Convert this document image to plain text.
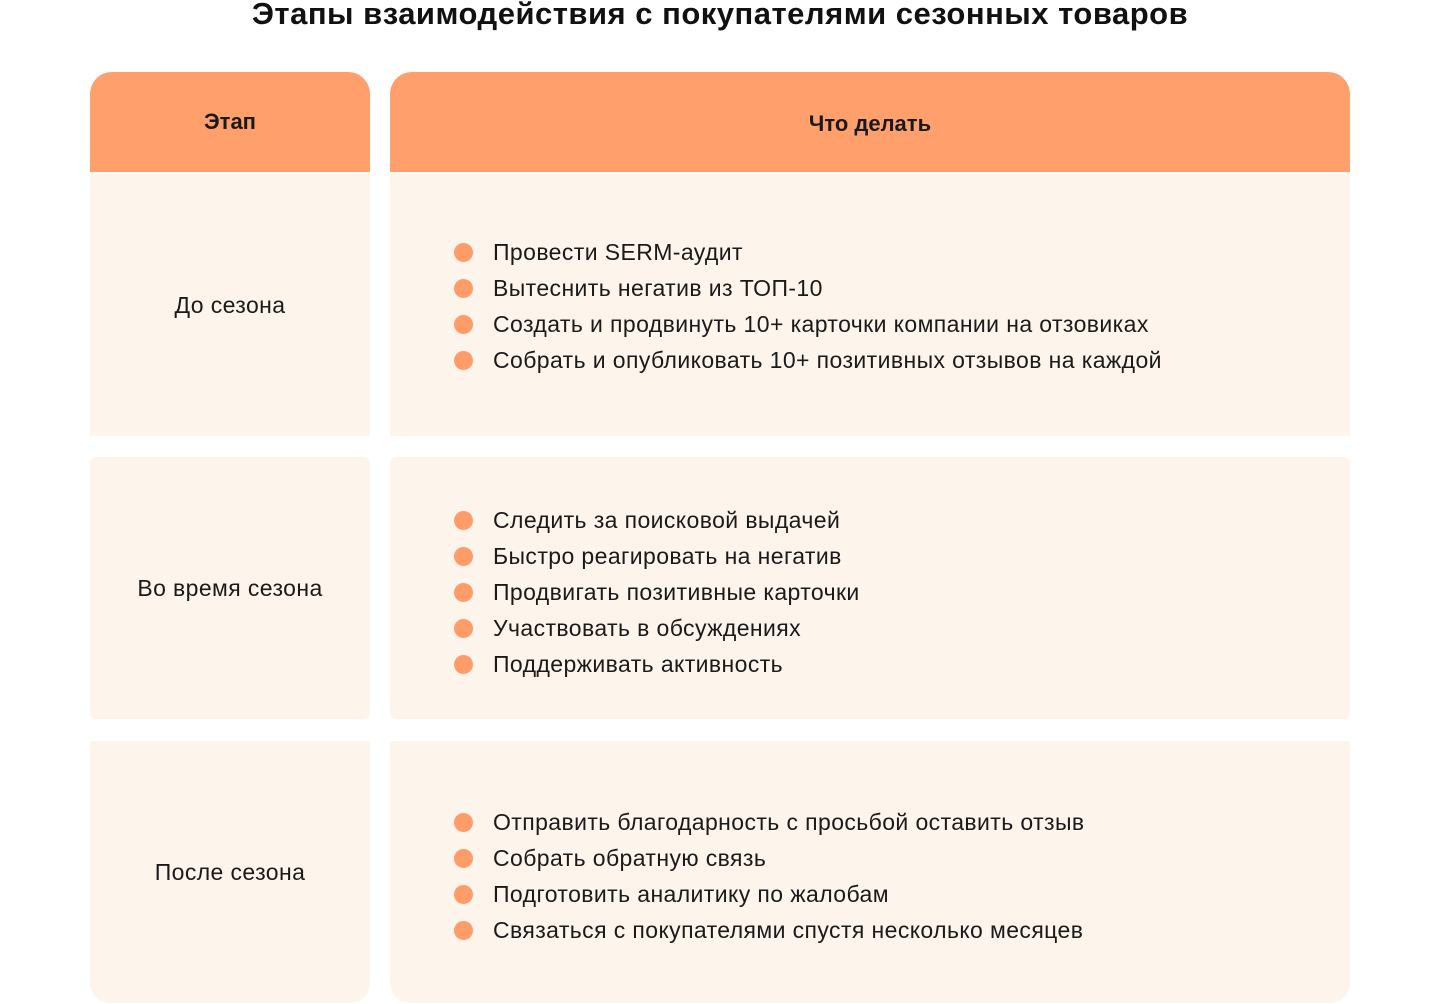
Этапы взаимодействия с покупателями сезонных товаров
Этап	Что делать
До сезона
Провести SERM-аудит
Вытеснить негатив из ТОП-10
Создать и продвинуть 10+ карточки компании на отзовиках
Собрать и опубликовать 10+ позитивных отзывов на каждой
Во время сезона
Следить за поисковой выдачей
Быстро реагировать на негатив
Продвигать позитивные карточки
Участвовать в обсуждениях
Поддерживать активность
После сезона
Отправить благодарность с просьбой оставить отзыв
Собрать обратную связь
Подготовить аналитику по жалобам
Связаться с покупателями спустя несколько месяцев
